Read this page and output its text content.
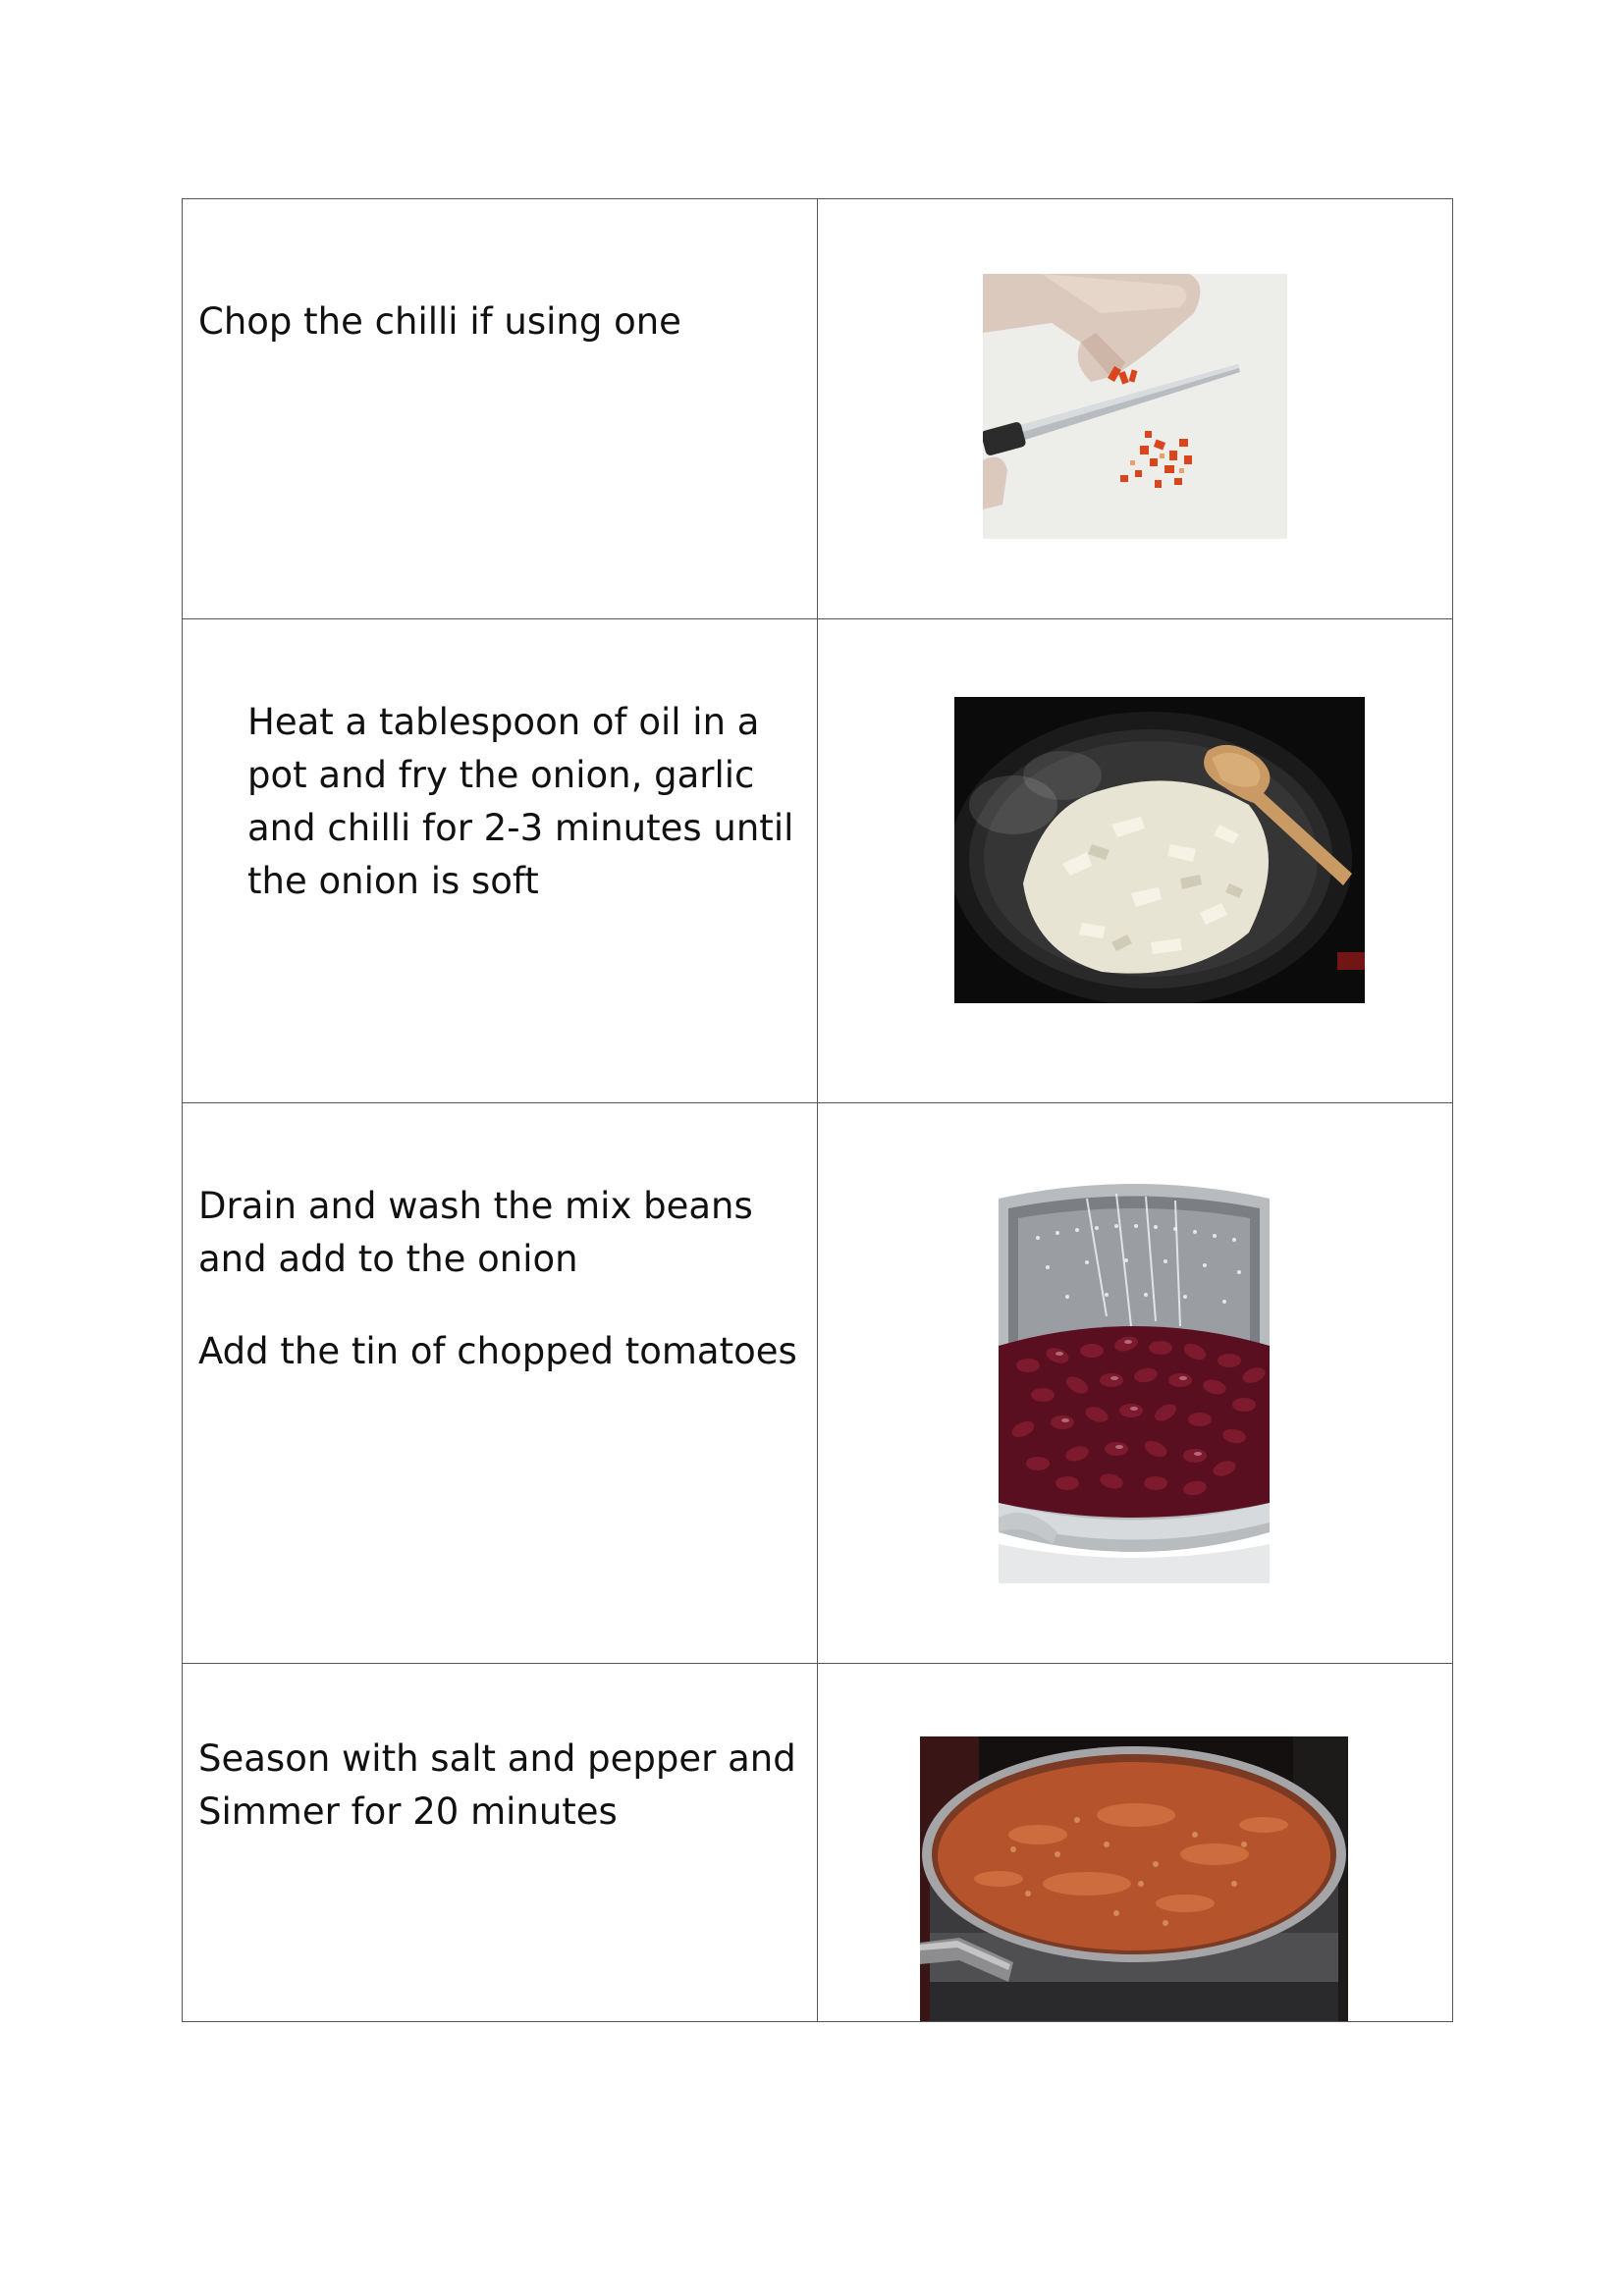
Chop the chilli if using one

Heat a tablespoon of oil in a pot and fry the onion, garlic and chilli for 2-3 minutes until the onion is soft

Drain and wash the mix beans and add to the onion

Add the tin of chopped tomatoes

Season with salt and pepper and Simmer for 20 minutes
